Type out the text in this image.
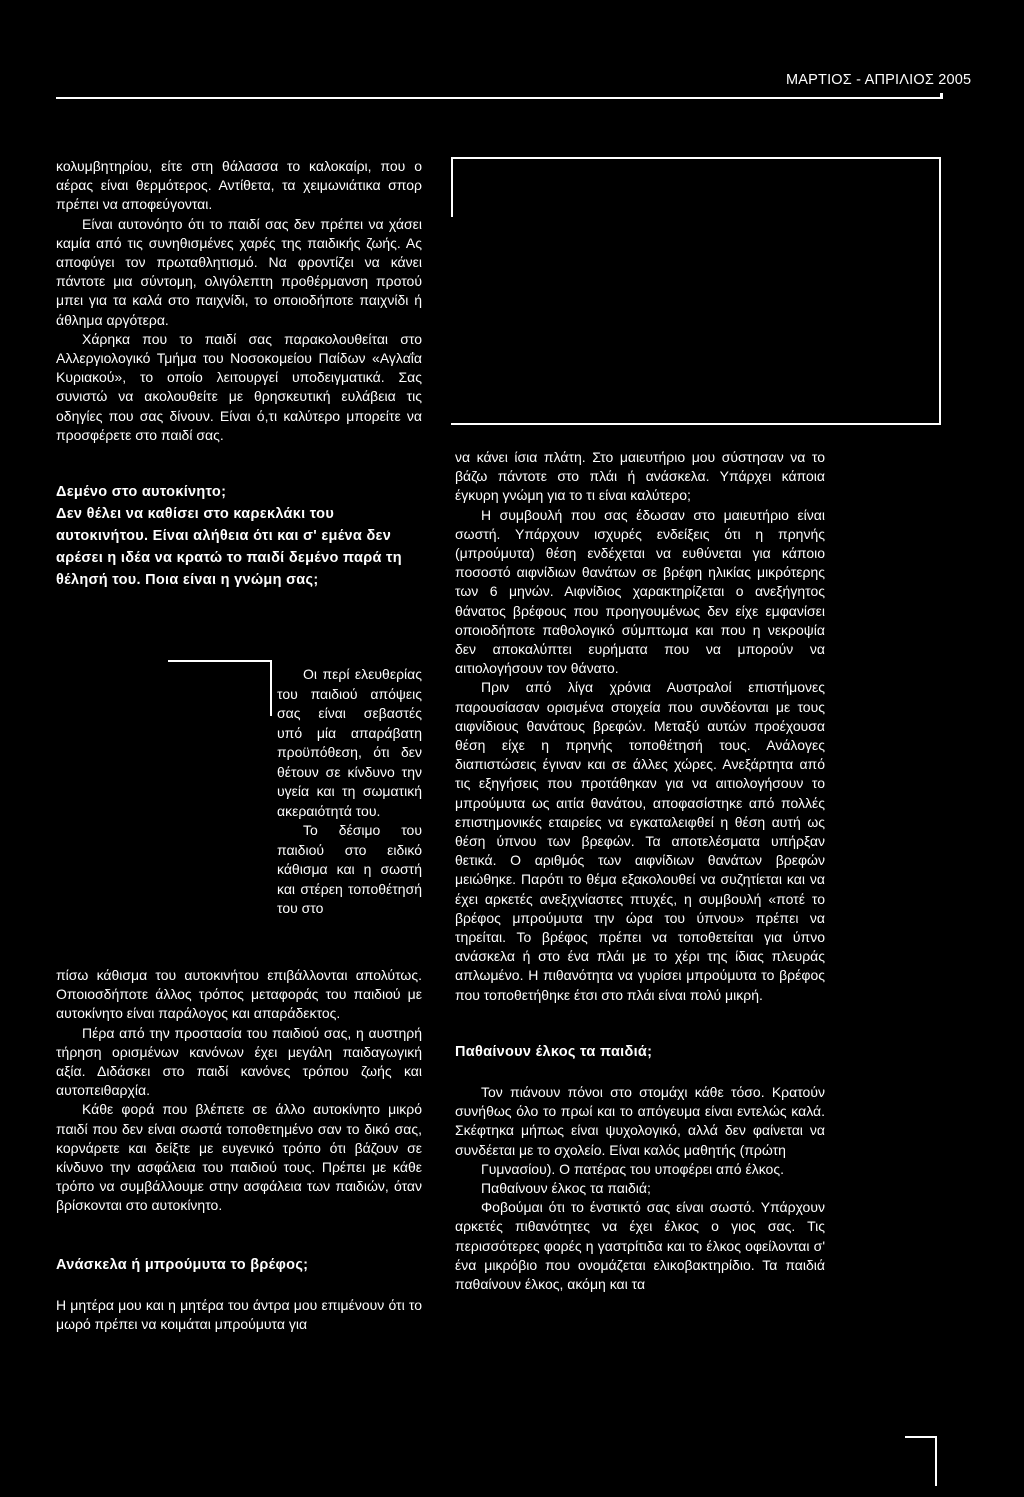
ΜΑΡΤΙΟΣ - ΑΠΡΙΛΙΟΣ 2005

κολυμβητηρίου, είτε στη θάλασσα το καλοκαίρι, που ο αέρας είναι θερμότερος. Αντίθετα, τα χειμωνιάτικα σπορ πρέπει να αποφεύγονται.

Είναι αυτονόητο ότι το παιδί σας δεν πρέπει να χάσει καμία από τις συνηθισμένες χαρές της παιδικής ζωής. Ας αποφύγει τον πρωταθλητισμό. Να φροντίζει να κάνει πάντοτε μια σύντομη, ολιγόλεπτη προθέρμανση προτού μπει για τα καλά στο παιχνίδι, το οποιοδήποτε παιχνίδι ή άθλημα αργότερα.

Χάρηκα που το παιδί σας παρακολουθείται στο Αλλεργιολογικό Τμήμα του Νοσοκομείου Παίδων «Αγλαΐα Κυριακού», το οποίο λειτουργεί υποδειγματικά. Σας συνιστώ να ακολουθείτε με θρησκευτική ευλάβεια τις οδηγίες που σας δίνουν. Είναι ό,τι καλύτερο μπορείτε να προσφέρετε στο παιδί σας.

Δεμένο στο αυτοκίνητο;

Δεν θέλει να καθίσει στο καρεκλάκι του αυτοκινήτου. Είναι αλήθεια ότι και σ' εμένα δεν αρέσει η ιδέα να κρατώ το παιδί δεμένο παρά τη θέλησή του. Ποια είναι η γνώμη σας;

Οι περί ελευθερίας του παιδιού απόψεις σας είναι σεβαστές υπό μία απαράβατη προϋπόθεση, ότι δεν θέτουν σε κίνδυνο την υγεία και τη σωματική ακεραιότητά του.

Το δέσιμο του παιδιού στο ειδικό κάθισμα και η σωστή και στέρεη τοποθέτησή του στο

πίσω κάθισμα του αυτοκινήτου επιβάλλονται απολύτως. Οποιοσδήποτε άλλος τρόπος μεταφοράς του παιδιού με αυτοκίνητο είναι παράλογος και απαράδεκτος.

Πέρα από την προστασία του παιδιού σας, η αυστηρή τήρηση ορισμένων κανόνων έχει μεγάλη παιδαγωγική αξία. Διδάσκει στο παιδί κανόνες τρόπου ζωής και αυτοπειθαρχία.

Κάθε φορά που βλέπετε σε άλλο αυτοκίνητο μικρό παιδί που δεν είναι σωστά τοποθετημένο σαν το δικό σας, κορνάρετε και δείξτε με ευγενικό τρόπο ότι βάζουν σε κίνδυνο την ασφάλεια του παιδιού τους. Πρέπει με κάθε τρόπο να συμβάλλουμε στην ασφάλεια των παιδιών, όταν βρίσκονται στο αυτοκίνητο.

Ανάσκελα ή μπρούμυτα το βρέφος;

Η μητέρα μου και η μητέρα του άντρα μου επιμένουν ότι το μωρό πρέπει να κοιμάται μπρούμυτα για

να κάνει ίσια πλάτη. Στο μαιευτήριο μου σύστησαν να το βάζω πάντοτε στο πλάι ή ανάσκελα. Υπάρχει κάποια έγκυρη γνώμη για το τι είναι καλύτερο;

Η συμβουλή που σας έδωσαν στο μαιευτήριο είναι σωστή. Υπάρχουν ισχυρές ενδείξεις ότι η πρηνής (μπρούμυτα) θέση ενδέχεται να ευθύνεται για κάποιο ποσοστό αιφνίδιων θανάτων σε βρέφη ηλικίας μικρότερης των 6 μηνών. Αιφνίδιος χαρακτηρίζεται ο ανεξήγητος θάνατος βρέφους που προηγουμένως δεν είχε εμφανίσει οποιοδήποτε παθολογικό σύμπτωμα και που η νεκροψία δεν αποκαλύπτει ευρήματα που να μπορούν να αιτιολογήσουν τον θάνατο.

Πριν από λίγα χρόνια Αυστραλοί επιστήμονες παρουσίασαν ορισμένα στοιχεία που συνδέονται με τους αιφνίδιους θανάτους βρεφών. Μεταξύ αυτών προέχουσα θέση είχε η πρηνής τοποθέτησή τους. Ανάλογες διαπιστώσεις έγιναν και σε άλλες χώρες. Ανεξάρτητα από τις εξηγήσεις που προτάθηκαν για να αιτιολογήσουν το μπρούμυτα ως αιτία θανάτου, αποφασίστηκε από πολλές επιστημονικές εταιρείες να εγκαταλειφθεί η θέση αυτή ως θέση ύπνου των βρεφών. Τα αποτελέσματα υπήρξαν θετικά. Ο αριθμός των αιφνίδιων θανάτων βρεφών μειώθηκε. Παρότι το θέμα εξακολουθεί να συζητίεται και να έχει αρκετές ανεξιχνίαστες πτυχές, η συμβουλή «ποτέ το βρέφος μπρούμυτα την ώρα του ύπνου» πρέπει να τηρείται. Το βρέφος πρέπει να τοποθετείται για ύπνο ανάσκελα ή στο ένα πλάι με το χέρι της ίδιας πλευράς απλωμένο. Η πιθανότητα να γυρίσει μπρούμυτα το βρέφος που τοποθετήθηκε έτσι στο πλάι είναι πολύ μικρή.

Παθαίνουν έλκος τα παιδιά;

Τον πιάνουν πόνοι στο στομάχι κάθε τόσο. Κρατούν συνήθως όλο το πρωί και το απόγευμα είναι εντελώς καλά. Σκέφτηκα μήπως είναι ψυχολογικό, αλλά δεν φαίνεται να συνδέεται με το σχολείο. Είναι καλός μαθητής (πρώτη

Γυμνασίου). Ο πατέρας του υποφέρει από έλκος.

Παθαίνουν έλκος τα παιδιά;

Φοβούμαι ότι το ένστικτό σας είναι σωστό. Υπάρχουν αρκετές πιθανότητες να έχει έλκος ο γιος σας. Τις περισσότερες φορές η γαστρίτιδα και το έλκος οφείλονται σ' ένα μικρόβιο που ονομάζεται ελικοβακτηρίδιο. Τα παιδιά παθαίνουν έλκος, ακόμη και τα
